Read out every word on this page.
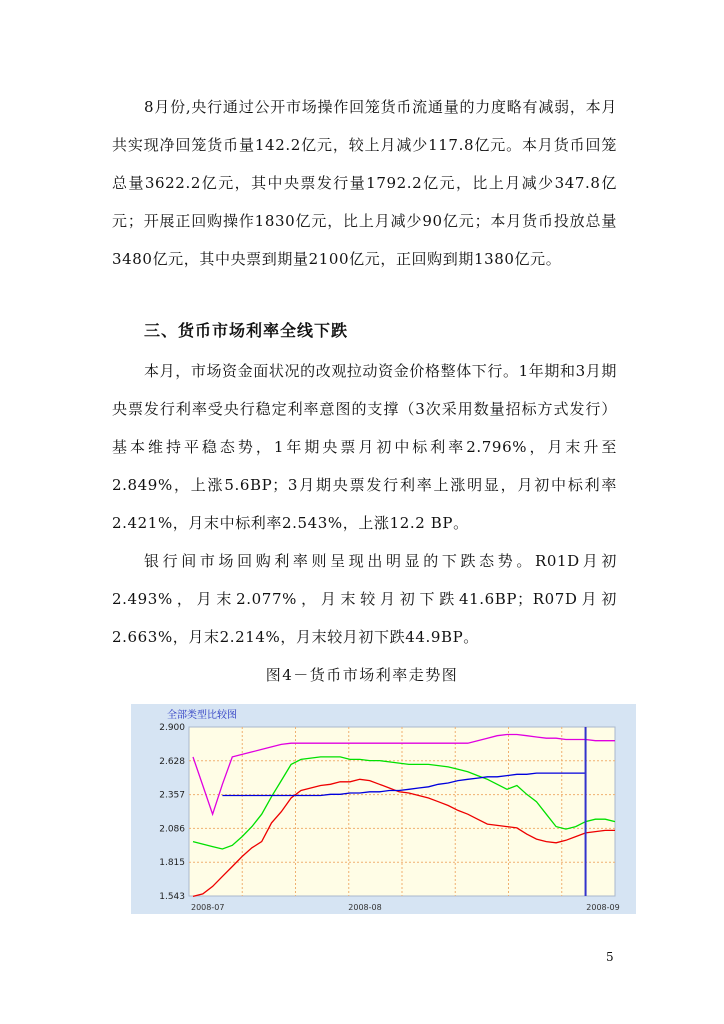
8月份,央行通过公开市场操作回笼货币流通量的力度略有减弱，本月共实现净回笼货币量142.2亿元，较上月减少117.8亿元。本月货币回笼总量3622.2亿元，其中央票发行量1792.2亿元，比上月减少347.8亿元；开展正回购操作1830亿元，比上月减少90亿元；本月货币投放总量3480亿元，其中央票到期量2100亿元，正回购到期1380亿元。

三、货币市场利率全线下跌

本月，市场资金面状况的改观拉动资金价格整体下行。1年期和3月期央票发行利率受央行稳定利率意图的支撑（3次采用数量招标方式发行）基本维持平稳态势，1年期央票月初中标利率2.796%，月末升至2.849%，上涨5.6BP；3月期央票发行利率上涨明显，月初中标利率2.421%，月末中标利率2.543%，上涨12.2 BP。

银行间市场回购利率则呈现出明显的下跌态势。R01D月初2.493%，月末2.077%，月末较月初下跌41.6BP；R07D月初2.663%，月末2.214%，月末较月初下跌44.9BP。

图4－货币市场利率走势图
2.900
2.628
2.357
2.086
1.815
1.543
全部类型比较图
2008-07	2008-08	2008-09
5
